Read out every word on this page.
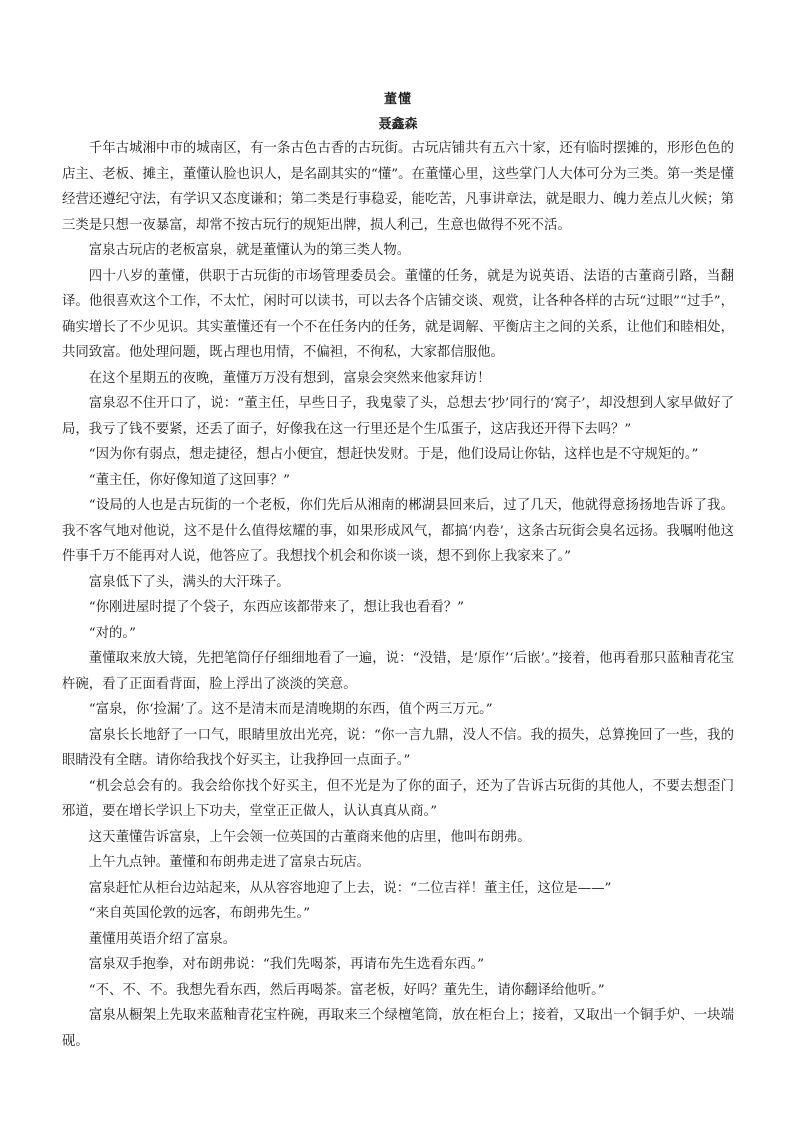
董懂
聂鑫森

千年古城湘中市的城南区，有一条古色古香的古玩街。古玩店铺共有五六十家，还有临时摆摊的，形形色色的店主、老板、摊主，董懂认脸也识人，是名副其实的“懂”。在董懂心里，这些掌门人大体可分为三类。第一类是懂经营还遵纪守法，有学识又态度谦和；第二类是行事稳妥，能吃苦，凡事讲章法，就是眼力、魄力差点儿火候；第三类是只想一夜暴富，却常不按古玩行的规矩出牌，损人利己，生意也做得不死不活。

富泉古玩店的老板富泉，就是董懂认为的第三类人物。

四十八岁的董懂，供职于古玩街的市场管理委员会。董懂的任务，就是为说英语、法语的古董商引路，当翻译。他很喜欢这个工作，不太忙，闲时可以读书，可以去各个店铺交谈、观赏，让各种各样的古玩“过眼”“过手”，确实增长了不少见识。其实董懂还有一个不在任务内的任务，就是调解、平衡店主之间的关系，让他们和睦相处，共同致富。他处理问题，既占理也用情，不偏袒，不徇私，大家都信服他。

在这个星期五的夜晚，董懂万万没有想到，富泉会突然来他家拜访！

富泉忍不住开口了，说：“董主任，早些日子，我鬼蒙了头，总想去‘抄’同行的‘窝子’，却没想到人家早做好了局，我亏了钱不要紧，还丢了面子，好像我在这一行里还是个生瓜蛋子，这店我还开得下去吗？”

“因为你有弱点，想走捷径，想占小便宜，想赶快发财。于是，他们设局让你钻，这样也是不守规矩的。”

“董主任，你好像知道了这回事？”

“设局的人也是古玩街的一个老板，你们先后从湘南的郴湖县回来后，过了几天，他就得意扬扬地告诉了我。我不客气地对他说，这不是什么值得炫耀的事，如果形成风气，都搞‘内卷’，这条古玩街会臭名远扬。我嘱咐他这件事千万不能再对人说，他答应了。我想找个机会和你谈一谈，想不到你上我家来了。”

富泉低下了头，满头的大汗珠子。

“你刚进屋时提了个袋子，东西应该都带来了，想让我也看看？”

“对的。”

董懂取来放大镜，先把笔筒仔仔细细地看了一遍，说：“没错，是‘原作’‘后嵌’。”接着，他再看那只蓝釉青花宝杵碗，看了正面看背面，脸上浮出了淡淡的笑意。

“富泉，你‘捡漏’了。这不是清末而是清晚期的东西，值个两三万元。”

富泉长长地舒了一口气，眼睛里放出光亮，说：“你一言九鼎，没人不信。我的损失，总算挽回了一些，我的眼睛没有全瞎。请你给我找个好买主，让我挣回一点面子。”

“机会总会有的。我会给你找个好买主，但不光是为了你的面子，还为了告诉古玩街的其他人，不要去想歪门邪道，要在增长学识上下功夫，堂堂正正做人，认认真真从商。”

这天董懂告诉富泉，上午会领一位英国的古董商来他的店里，他叫布朗弗。

上午九点钟。董懂和布朗弗走进了富泉古玩店。

富泉赶忙从柜台边站起来，从从容容地迎了上去，说：“二位吉祥！董主任，这位是——”

“来自英国伦敦的远客，布朗弗先生。”

董懂用英语介绍了富泉。

富泉双手抱拳，对布朗弗说：“我们先喝茶，再请布先生选看东西。”

“不、不、不。我想先看东西，然后再喝茶。富老板，好吗？董先生，请你翻译给他听。”

富泉从橱架上先取来蓝釉青花宝杵碗，再取来三个绿檀笔筒，放在柜台上；接着，又取出一个铜手炉、一块端砚。
